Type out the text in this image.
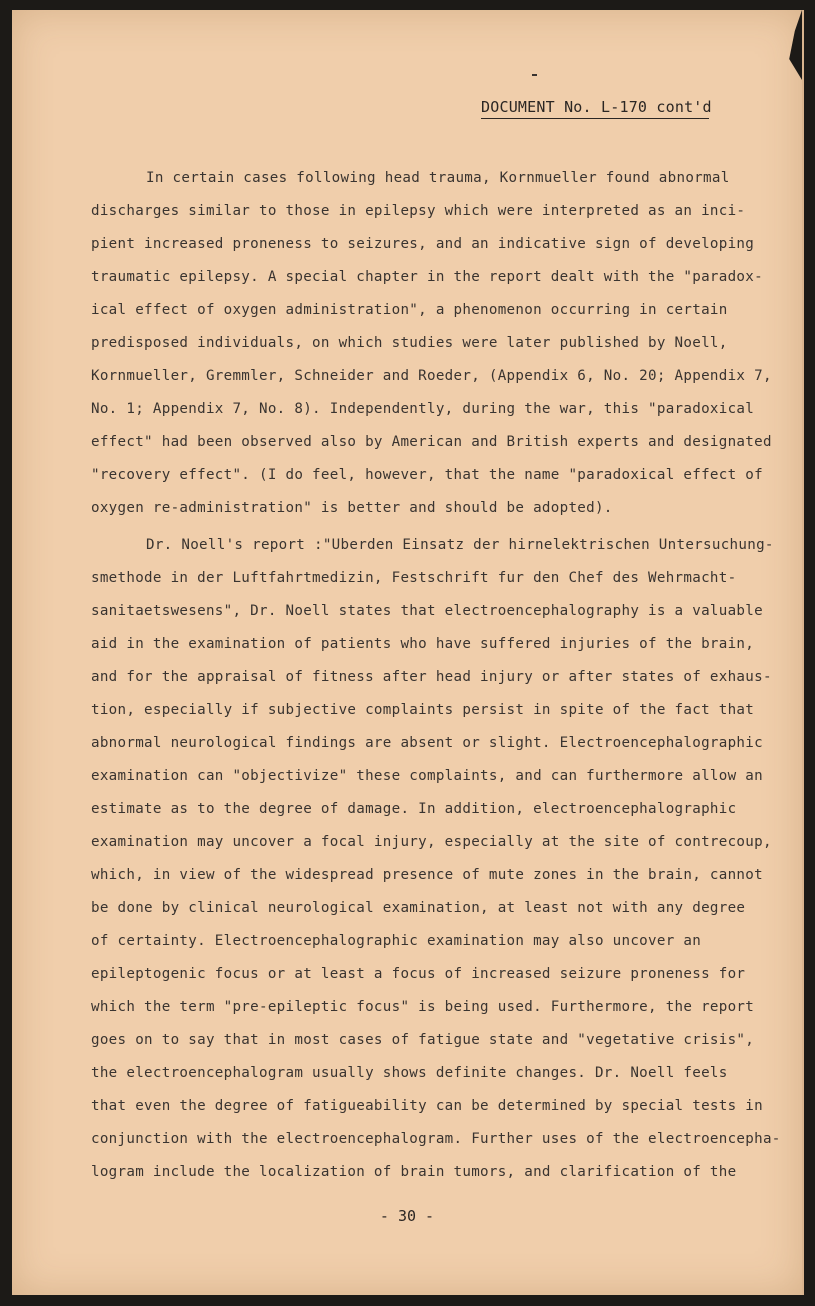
DOCUMENT No. L-170 cont'd
In certain cases following head trauma, Kornmueller found abnormal
discharges similar to those in epilepsy which were interpreted as an inci-
pient increased proneness to seizures, and an indicative sign of developing
traumatic epilepsy. A special chapter in the report dealt with the "paradox-
ical effect of oxygen administration", a phenomenon occurring in certain
predisposed individuals, on which studies were later published by Noell,
Kornmueller, Gremmler, Schneider and Roeder, (Appendix 6, No. 20; Appendix 7,
No. 1; Appendix 7, No. 8). Independently, during the war, this "paradoxical
effect" had been observed also by American and British experts and designated
"recovery effect". (I do feel, however, that the name "paradoxical effect of
oxygen re-administration" is better and should be adopted).
Dr. Noell's report :"Uberden Einsatz der hirnelektrischen Untersuchung-
smethode in der Luftfahrtmedizin, Festschrift fur den Chef des Wehrmacht-
sanitaetswesens", Dr. Noell states that electroencephalography is a valuable
aid in the examination of patients who have suffered injuries of the brain,
and for the appraisal of fitness after head injury or after states of exhaus-
tion, especially if subjective complaints persist in spite of the fact that
abnormal neurological findings are absent or slight. Electroencephalographic
examination can "objectivize" these complaints, and can furthermore allow an
estimate as to the degree of damage. In addition, electroencephalographic
examination may uncover a focal injury, especially at the site of contrecoup,
which, in view of the widespread presence of mute zones in the brain, cannot
be done by clinical neurological examination, at least not with any degree
of certainty. Electroencephalographic examination may also uncover an
epileptogenic focus or at least a focus of increased seizure proneness for
which the term "pre-epileptic focus" is being used. Furthermore, the report
goes on to say that in most cases of fatigue state and "vegetative crisis",
the electroencephalogram usually shows definite changes. Dr. Noell feels
that even the degree of fatigueability can be determined by special tests in
conjunction with the electroencephalogram. Further uses of the electroencepha-
logram include the localization of brain tumors, and clarification of the
- 30 -
